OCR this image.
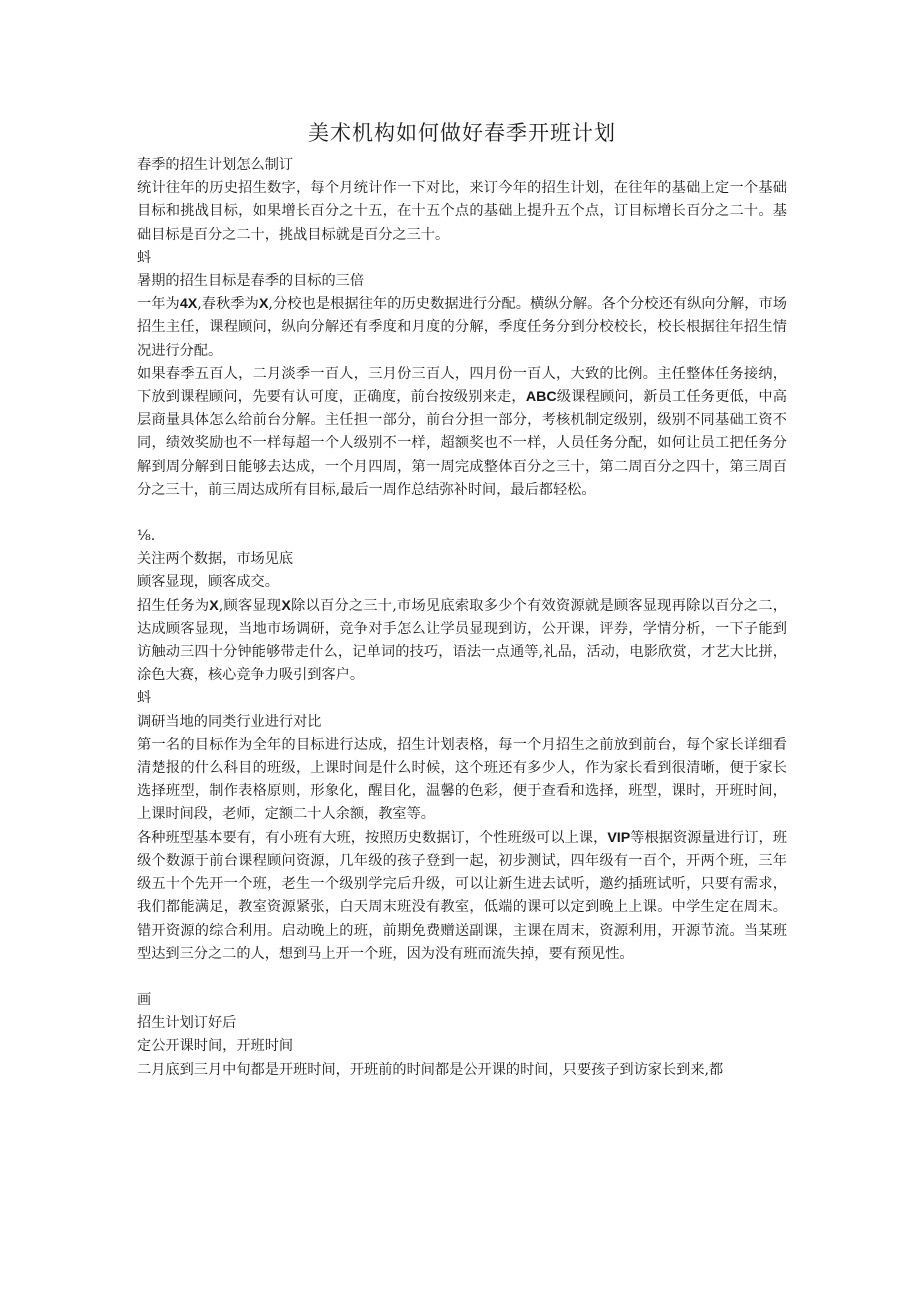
美术机构如何做好春季开班计划

春季的招生计划怎么制订

统计往年的历史招生数字，每个月统计作一下对比，来订今年的招生计划，在往年的基础上定一个基础目标和挑战目标，如果增长百分之十五，在十五个点的基础上提升五个点，订目标增长百分之二十。基础目标是百分之二十，挑战目标就是百分之三十。

蚪

暑期的招生目标是春季的目标的三倍

一年为4X,春秋季为X,分校也是根据往年的历史数据进行分配。横纵分解。各个分校还有纵向分解，市场招生主任，课程顾问，纵向分解还有季度和月度的分解，季度任务分到分校校长，校长根据往年招生情况进行分配。

如果春季五百人，二月淡季一百人，三月份三百人，四月份一百人，大致的比例。主任整体任务接纳，下放到课程顾问，先要有认可度，正确度，前台按级别来走，ABC级课程顾问，新员工任务更低，中高层商量具体怎么给前台分解。主任担一部分，前台分担一部分，考核机制定级别，级别不同基础工资不同，绩效奖励也不一样每超一个人级别不一样，超额奖也不一样，人员任务分配，如何让员工把任务分解到周分解到日能够去达成，一个月四周，第一周完成整体百分之三十，第二周百分之四十，第三周百分之三十，前三周达成所有目标,最后一周作总结弥补时间，最后都轻松。

⅛.

关注两个数据，市场见底

顾客显现，顾客成交。

招生任务为X,顾客显现X除以百分之三十,市场见底索取多少个有效资源就是顾客显现再除以百分之二，达成顾客显现，当地市场调研，竞争对手怎么让学员显现到访，公开课，评券，学情分析，一下子能到访触动三四十分钟能够带走什么，记单词的技巧，语法一点通等,礼品，活动，电影欣赏，才艺大比拼，涂色大赛，核心竞争力吸引到客户。

蚪

调研当地的同类行业进行对比

第一名的目标作为全年的目标进行达成，招生计划表格，每一个月招生之前放到前台，每个家长详细看清楚报的什么科目的班级，上课时间是什么时候，这个班还有多少人，作为家长看到很清晰，便于家长选择班型，制作表格原则，形象化，醒目化，温馨的色彩，便于查看和选择，班型，课时，开班时间，上课时间段，老师，定额二十人余额，教室等。

各种班型基本要有，有小班有大班，按照历史数据订，个性班级可以上课，VIP等根据资源量进行订，班级个数源于前台课程顾问资源，几年级的孩子登到一起，初步测试，四年级有一百个，开两个班，三年级五十个先开一个班，老生一个级别学完后升级，可以让新生进去试听，邀约插班试听，只要有需求，我们都能满足，教室资源紧张，白天周末班没有教室，低端的课可以定到晚上上课。中学生定在周末。错开资源的综合利用。启动晚上的班，前期免费赠送副课，主课在周末，资源利用，开源节流。当某班型达到三分之二的人，想到马上开一个班，因为没有班而流失掉，要有预见性。

画

招生计划订好后

定公开课时间，开班时间

二月底到三月中旬都是开班时间，开班前的时间都是公开课的时间，只要孩子到访家长到来,都
